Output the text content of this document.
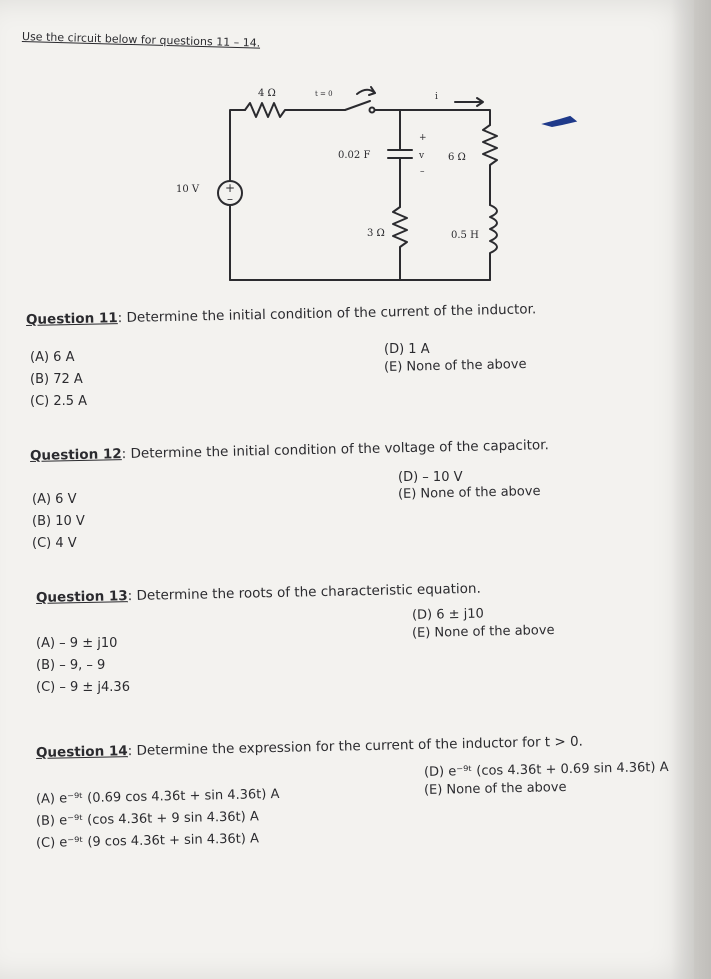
Use the circuit below for questions 11 – 14.
+
–
10 V
4 Ω	t = 0
0.02 F
+
v
–
6 Ω
i
3 Ω	0.5 H
Question 11: Determine the initial condition of the current of the inductor.
(A) 6 A
(B) 72 A
(C) 2.5 A
(D) 1 A
(E) None of the above
Question 12: Determine the initial condition of the voltage of the capacitor.
(A) 6 V
(B) 10 V
(C) 4 V
(D) – 10 V
(E) None of the above
Question 13: Determine the roots of the characteristic equation.
(A) – 9 ± j10
(B) – 9, – 9
(C) – 9 ± j4.36
(D) 6 ± j10
(E) None of the above
Question 14: Determine the expression for the current of the inductor for t > 0.
(A) e⁻⁹ᵗ (0.69 cos 4.36t + sin 4.36t) A
(B) e⁻⁹ᵗ (cos 4.36t + 9 sin 4.36t) A
(C) e⁻⁹ᵗ (9 cos 4.36t + sin 4.36t) A
(D) e⁻⁹ᵗ (cos 4.36t + 0.69 sin 4.36t) A
(E) None of the above
